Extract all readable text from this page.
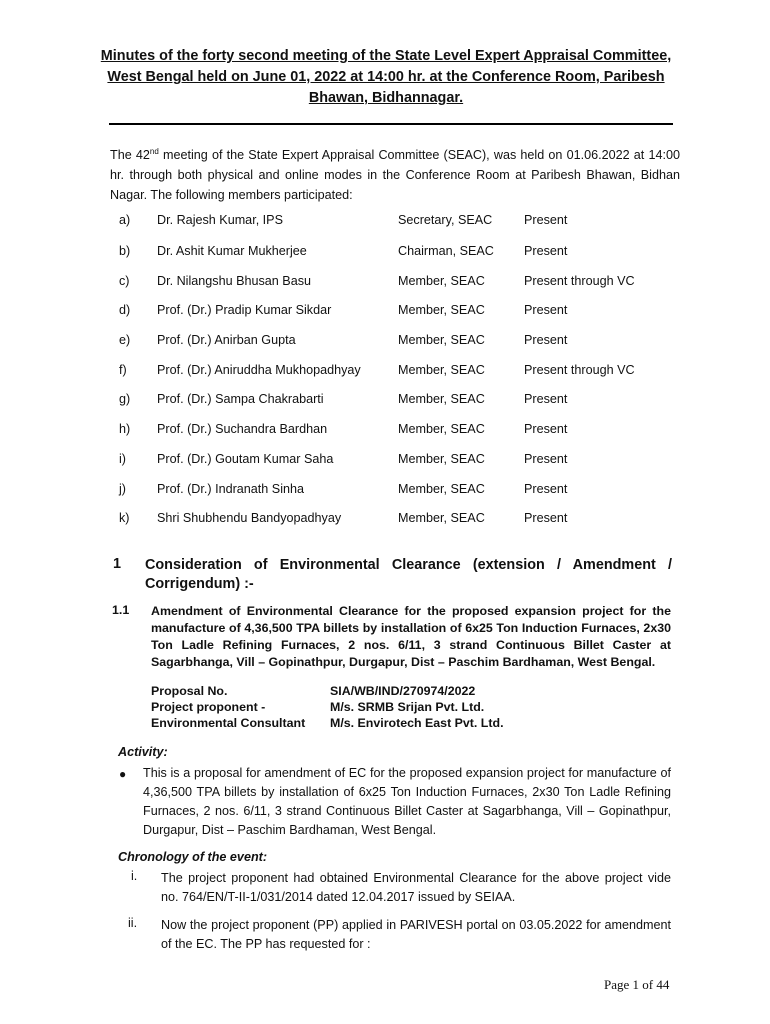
Minutes of the forty second meeting of the State Level Expert Appraisal Committee, West Bengal held on June 01, 2022 at 14:00 hr. at the Conference Room, Paribesh Bhawan, Bidhannagar.
The 42nd meeting of the State Expert Appraisal Committee (SEAC), was held on 01.06.2022 at 14:00 hr. through both physical and online modes in the Conference Room at Paribesh Bhawan, Bidhan Nagar. The following members participated:
a) Dr. Rajesh Kumar, IPS	Secretary, SEAC	Present
b) Dr. Ashit Kumar Mukherjee	Chairman, SEAC Present
c) Dr. Nilangshu Bhusan Basu	Member, SEAC	Present through VC
d) Prof. (Dr.) Pradip Kumar Sikdar	Member, SEAC	Present
e) Prof. (Dr.) Anirban Gupta	Member, SEAC	Present
f) Prof. (Dr.) Aniruddha Mukhopadhyay	Member, SEAC	Present through VC
g) Prof. (Dr.) Sampa Chakrabarti	Member, SEAC	Present
h) Prof. (Dr.) Suchandra Bardhan	Member, SEAC	Present
i) Prof. (Dr.) Goutam Kumar Saha	Member, SEAC	Present
j) Prof. (Dr.) Indranath Sinha	Member, SEAC	Present
k) Shri Shubhendu Bandyopadhyay	Member, SEAC	Present
1 Consideration of Environmental Clearance (extension / Amendment / Corrigendum) :-
1.1 Amendment of Environmental Clearance for the proposed expansion project for the manufacture of 4,36,500 TPA billets by installation of 6x25 Ton Induction Furnaces, 2x30 Ton Ladle Refining Furnaces, 2 nos. 6/11, 3 strand Continuous Billet Caster at Sagarbhanga, Vill – Gopinathpur, Durgapur, Dist – Paschim Bardhaman, West Bengal.
Proposal No.	SIA/WB/IND/270974/2022
Project proponent -	M/s. SRMB Srijan Pvt. Ltd.
Environmental Consultant M/s. Envirotech East Pvt. Ltd.
Activity:
● This is a proposal for amendment of EC for the proposed expansion project for manufacture of 4,36,500 TPA billets by installation of 6x25 Ton Induction Furnaces, 2x30 Ton Ladle Refining Furnaces, 2 nos. 6/11, 3 strand Continuous Billet Caster at Sagarbhanga, Vill – Gopinathpur, Durgapur, Dist – Paschim Bardhaman, West Bengal.
Chronology of the event:
i. The project proponent had obtained Environmental Clearance for the above project vide no. 764/EN/T-II-1/031/2014 dated 12.04.2017 issued by SEIAA.
ii. Now the project proponent (PP) applied in PARIVESH portal on 03.05.2022 for amendment of the EC. The PP has requested for :
Page 1 of 44
